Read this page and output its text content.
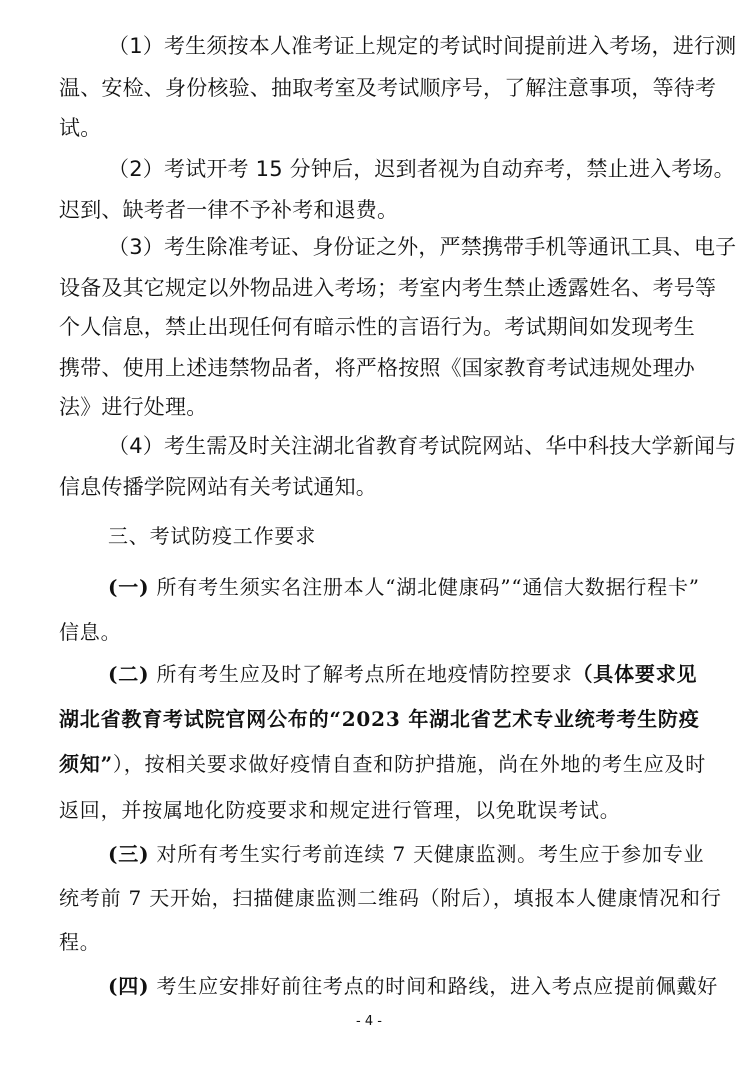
（1）考生须按本人准考证上规定的考试时间提前进入考场，进行测
温、安检、身份核验、抽取考室及考试顺序号，了解注意事项，等待考
试。
（2）考试开考 15 分钟后，迟到者视为自动弃考，禁止进入考场。
迟到、缺考者一律不予补考和退费。
（3）考生除准考证、身份证之外，严禁携带手机等通讯工具、电子
设备及其它规定以外物品进入考场；考室内考生禁止透露姓名、考号等
个人信息，禁止出现任何有暗示性的言语行为。考试期间如发现考生
携带、使用上述违禁物品者，将严格按照《国家教育考试违规处理办
法》进行处理。
（4）考生需及时关注湖北省教育考试院网站、华中科技大学新闻与
信息传播学院网站有关考试通知。
三、考试防疫工作要求
(一) 所有考生须实名注册本人“湖北健康码”“通信大数据行程卡”
信息。
(二) 所有考生应及时了解考点所在地疫情防控要求（具体要求见
湖北省教育考试院官网公布的“2023 年湖北省艺术专业统考考生防疫
须知”），按相关要求做好疫情自查和防护措施，尚在外地的考生应及时
返回，并按属地化防疫要求和规定进行管理，以免耽误考试。
(三) 对所有考生实行考前连续 7 天健康监测。考生应于参加专业
统考前 7 天开始，扫描健康监测二维码（附后），填报本人健康情况和行
程。
(四) 考生应安排好前往考点的时间和路线，进入考点应提前佩戴好
- 4 -
